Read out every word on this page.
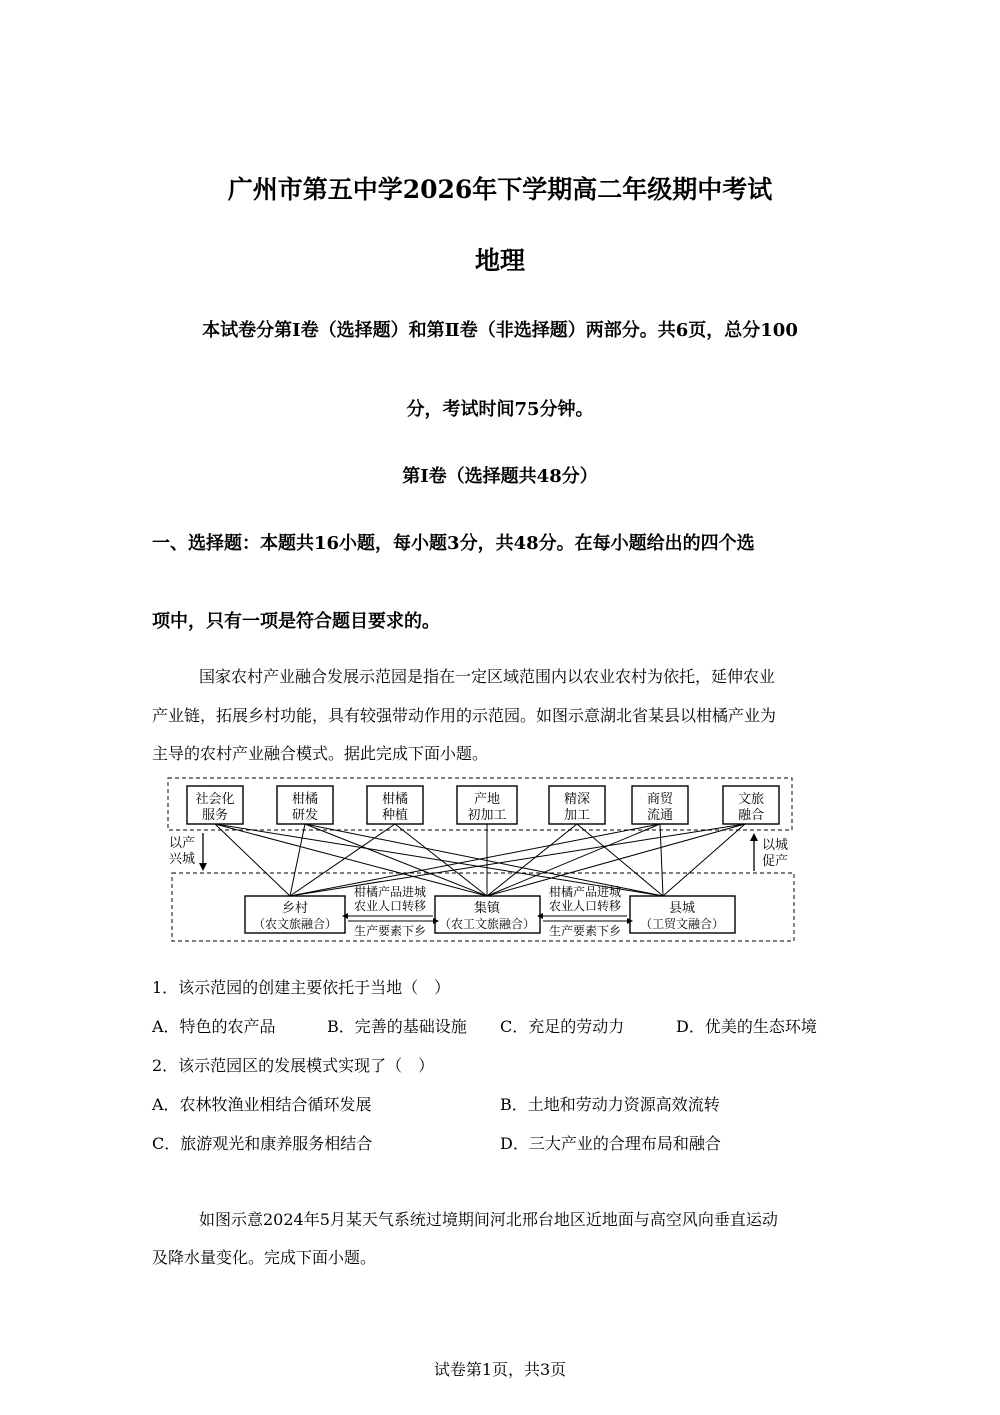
广州市第五中学2026年下学期高二年级期中考试
地理
本试卷分第Ⅰ卷（选择题）和第Ⅱ卷（非选择题）两部分。共6页，总分100
分，考试时间75分钟。
第Ⅰ卷（选择题共48分）
一、选择题：本题共16小题，每小题3分，共48分。在每小题给出的四个选
项中，只有一项是符合题目要求的。
国家农村产业融合发展示范园是指在一定区域范围内以农业农村为依托，延伸农业
产业链，拓展乡村功能，具有较强带动作用的示范园。如图示意湖北省某县以柑橘产业为
主导的农村产业融合模式。据此完成下面小题。
社会化
服务
柑橘
研发
柑橘
种植
产地
初加工
精深
加工
商贸
流通
文旅
融合
以产
兴城
以城
促产
乡村
（农文旅融合）
集镇
（农工文旅融合）
县城
（工贸文融合）
柑橘产品进城
农业人口转移
生产要素下乡
柑橘产品进城
农业人口转移
生产要素下乡
1．该示范园的创建主要依托于当地（　）
A．特色的农产品	B．完善的基础设施 C．充足的劳动力	D．优美的生态环境
2．该示范园区的发展模式实现了（　）
A．农林牧渔业相结合循环发展	B．土地和劳动力资源高效流转
C．旅游观光和康养服务相结合	D．三大产业的合理布局和融合
如图示意2024年5月某天气系统过境期间河北邢台地区近地面与高空风向垂直运动
及降水量变化。完成下面小题。
试卷第1页，共3页
